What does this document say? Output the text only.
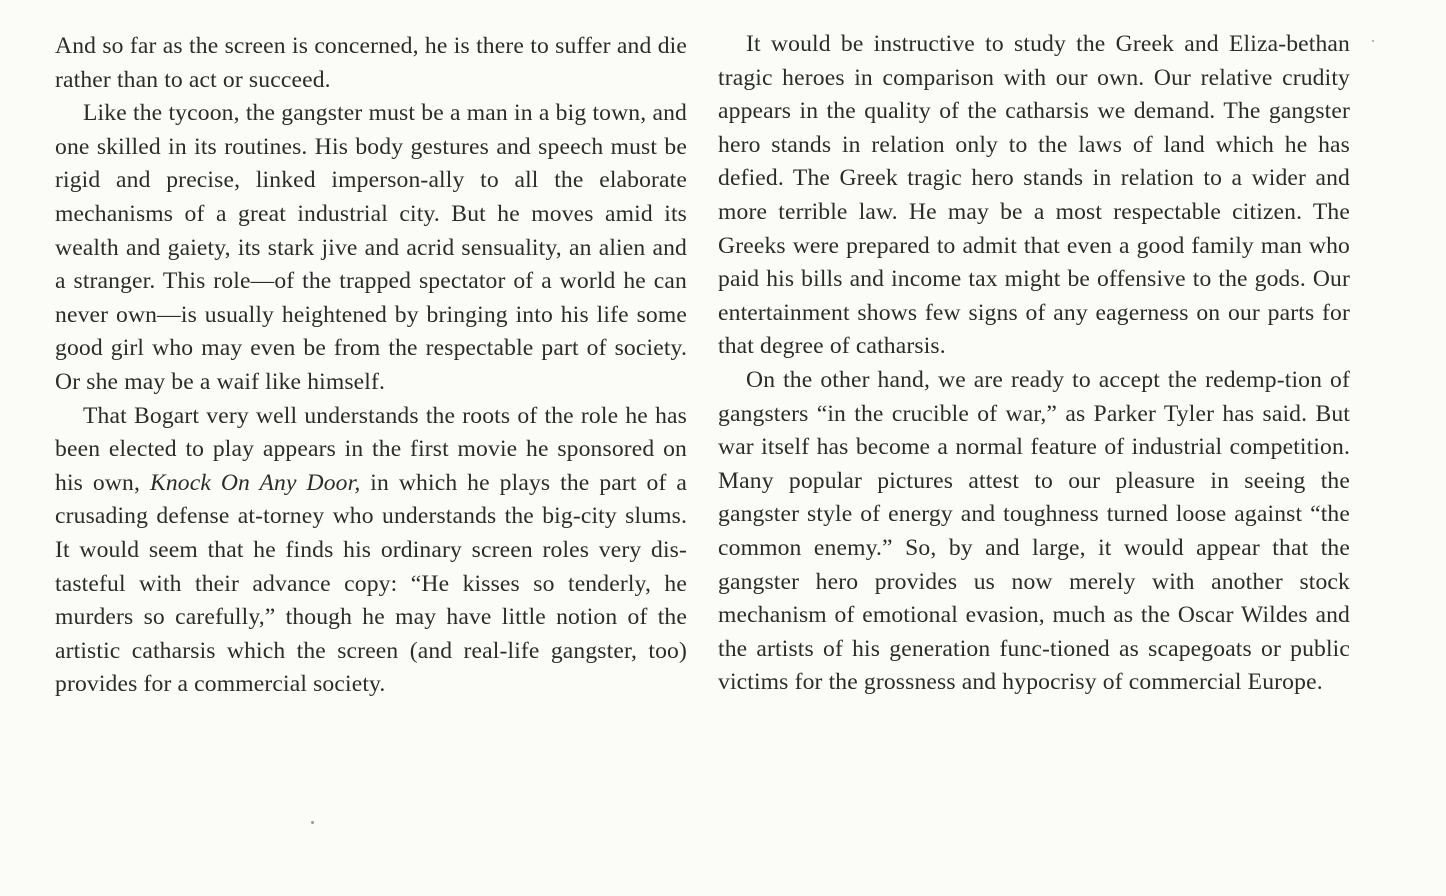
And so far as the screen is concerned, he is there to suffer and die rather than to act or succeed.

Like the tycoon, the gangster must be a man in a big town, and one skilled in its routines. His body gestures and speech must be rigid and precise, linked imperson-ally to all the elaborate mechanisms of a great industrial city. But he moves amid its wealth and gaiety, its stark jive and acrid sensuality, an alien and a stranger. This role—of the trapped spectator of a world he can never own—is usually heightened by bringing into his life some good girl who may even be from the respectable part of society. Or she may be a waif like himself.

That Bogart very well understands the roots of the role he has been elected to play appears in the first movie he sponsored on his own, Knock On Any Door, in which he plays the part of a crusading defense at-torney who understands the big-city slums. It would seem that he finds his ordinary screen roles very dis-tasteful with their advance copy: “He kisses so tenderly, he murders so carefully,” though he may have little notion of the artistic catharsis which the screen (and real-life gangster, too) provides for a commercial society.

It would be instructive to study the Greek and Eliza-bethan tragic heroes in comparison with our own. Our relative crudity appears in the quality of the catharsis we demand. The gangster hero stands in relation only to the laws of land which he has defied. The Greek tragic hero stands in relation to a wider and more terrible law. He may be a most respectable citizen. The Greeks were prepared to admit that even a good family man who paid his bills and income tax might be offensive to the gods. Our entertainment shows few signs of any eagerness on our parts for that degree of catharsis.

On the other hand, we are ready to accept the redemp-tion of gangsters “in the crucible of war,” as Parker Tyler has said. But war itself has become a normal feature of industrial competition. Many popular pictures attest to our pleasure in seeing the gangster style of energy and toughness turned loose against “the common enemy.” So, by and large, it would appear that the gangster hero provides us now merely with another stock mechanism of emotional evasion, much as the Oscar Wildes and the artists of his generation func-tioned as scapegoats or public victims for the grossness and hypocrisy of commercial Europe.
